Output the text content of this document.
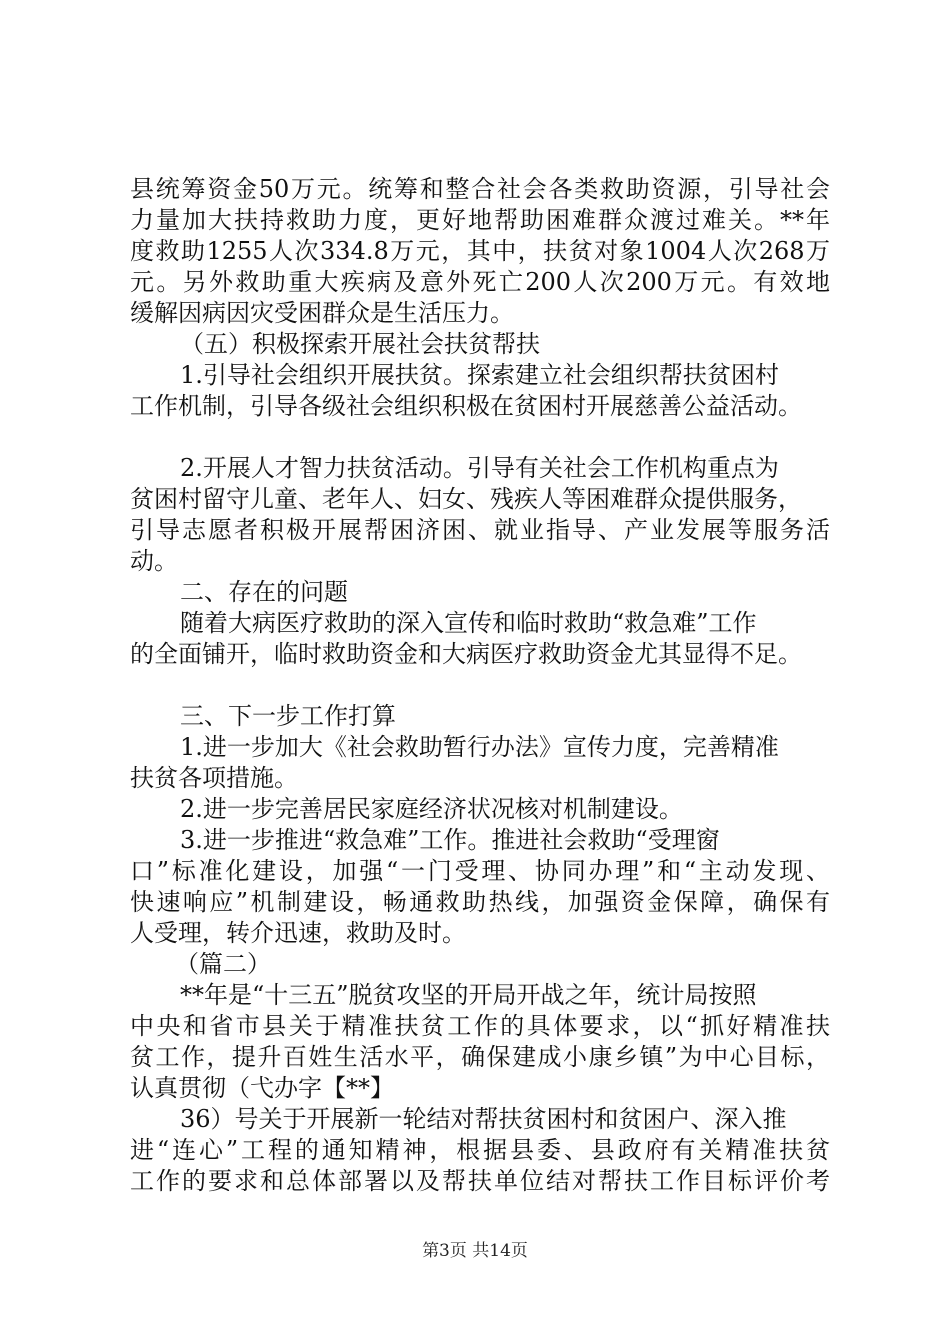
县统筹资金50万元。统筹和整合社会各类救助资源，引导社会
力量加大扶持救助力度，更好地帮助困难群众渡过难关。**年
度救助1255人次334.8万元，其中，扶贫对象1004人次268万
元。另外救助重大疾病及意外死亡200人次200万元。有效地
缓解因病因灾受困群众是生活压力。
（五）积极探索开展社会扶贫帮扶
1.引导社会组织开展扶贫。探索建立社会组织帮扶贫困村
工作机制，引导各级社会组织积极在贫困村开展慈善公益活动。
2.开展人才智力扶贫活动。引导有关社会工作机构重点为
贫困村留守儿童、老年人、妇女、残疾人等困难群众提供服务，
引导志愿者积极开展帮困济困、就业指导、产业发展等服务活
动。
二、存在的问题
随着大病医疗救助的深入宣传和临时救助“救急难”工作
的全面铺开，临时救助资金和大病医疗救助资金尤其显得不足。
三、下一步工作打算
1.进一步加大《社会救助暂行办法》宣传力度，完善精准
扶贫各项措施。
2.进一步完善居民家庭经济状况核对机制建设。
3.进一步推进“救急难”工作。推进社会救助“受理窗
口”标准化建设，加强“一门受理、协同办理”和“主动发现、
快速响应”机制建设，畅通救助热线，加强资金保障，确保有
人受理，转介迅速，救助及时。
（篇二）
**年是“十三五”脱贫攻坚的开局开战之年，统计局按照
中央和省市县关于精准扶贫工作的具体要求，以“抓好精准扶
贫工作，提升百姓生活水平，确保建成小康乡镇”为中心目标，
认真贯彻（弋办字【**】
36）号关于开展新一轮结对帮扶贫困村和贫困户、深入推
进“连心”工程的通知精神，根据县委、县政府有关精准扶贫
工作的要求和总体部署以及帮扶单位结对帮扶工作目标评价考
第3页 共14页
